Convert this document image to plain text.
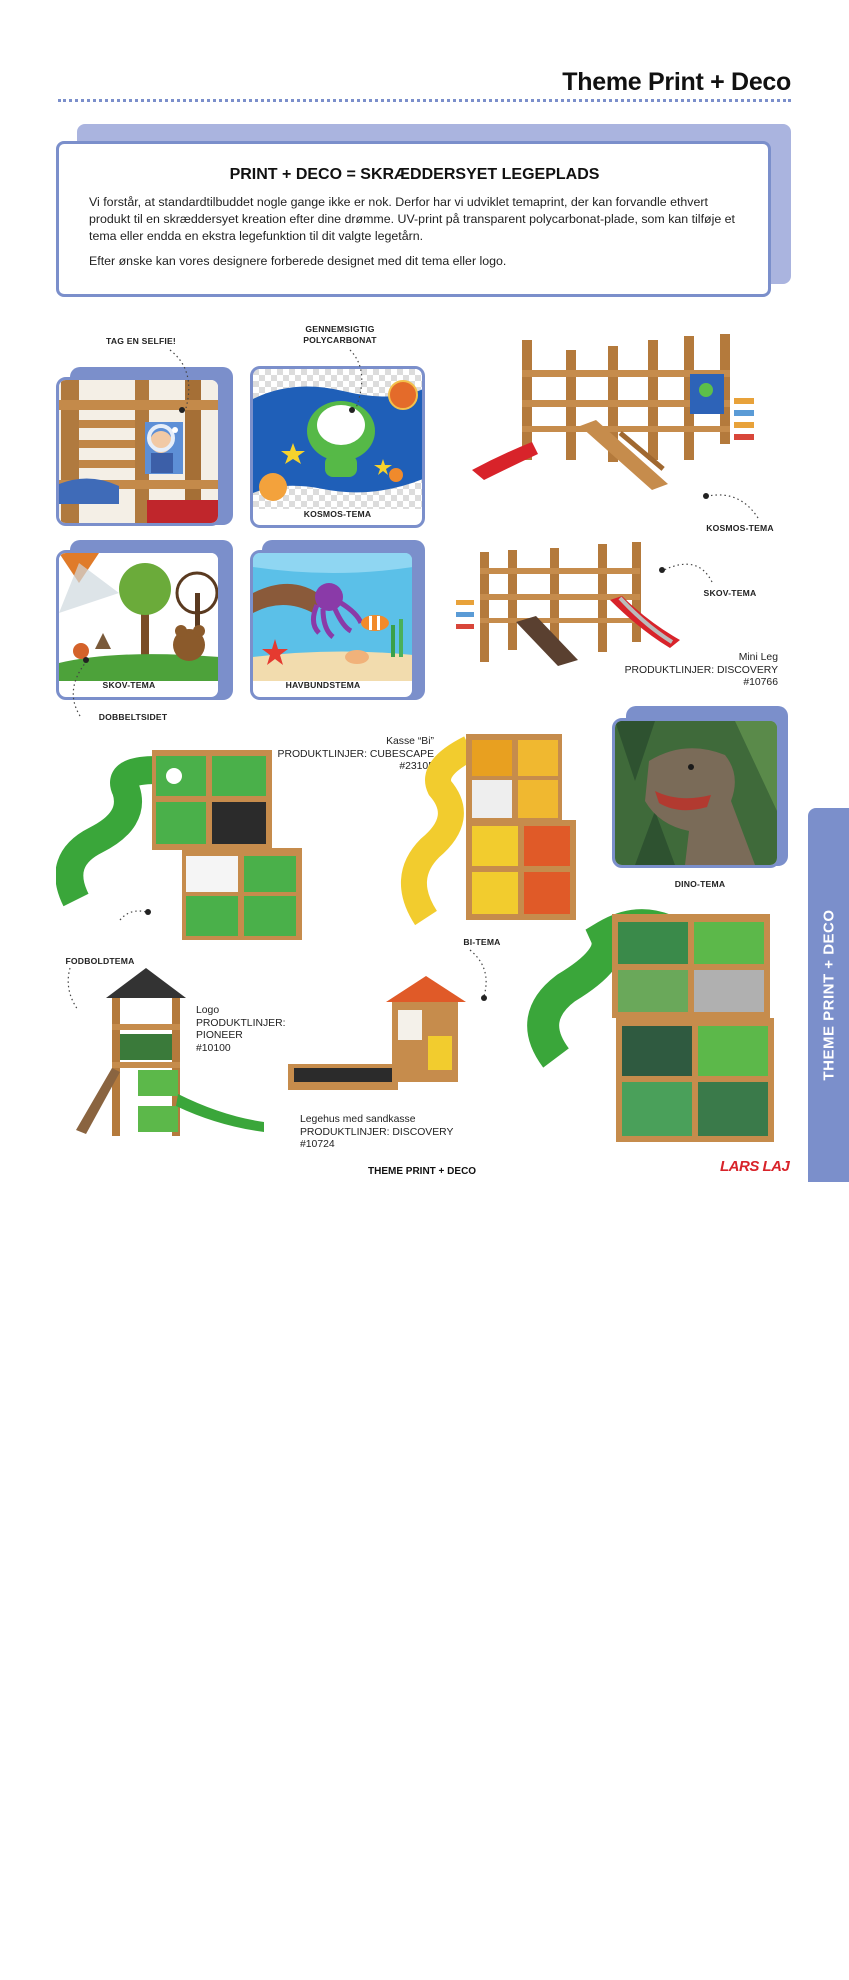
Theme Print + Deco

PRINT + DECO = SKRÆDDERSYET LEGEPLADS

Vi forstår, at standardtilbuddet nogle gange ikke er nok. Derfor har vi udviklet temaprint, der kan forvandle ethvert produkt til en skræddersyet kreation efter dine drømme. UV-print på transparent polycarbonat-plade, som kan tilføje et tema eller endda en ekstra legefunktion til dit valgte legetårn.

Efter ønske kan vores designere forberede designet med dit tema eller logo.

TAG EN SELFIE!
GENNEMSIGTIG
POLYCARBONAT
KOSMOS-TEMA
KOSMOS-TEMA
SKOV-TEMA
DOBBELTSIDET
HAVBUNDSTEMA
SKOV-TEMA
Mini Leg
PRODUKTLINJER: DISCOVERY
#10766
Kasse “Bi”
PRODUKTLINJER: CUBESCAPE
#23105
DINO-TEMA
FODBOLDTEMA
BI-TEMA
Logo
PRODUKTLINJER:
PIONEER
#10100
Legehus med sandkasse
PRODUKTLINJER: DISCOVERY
#10724
THEME PRINT + DECO
11
THEME PRINT + DECO	LARS LAJ
